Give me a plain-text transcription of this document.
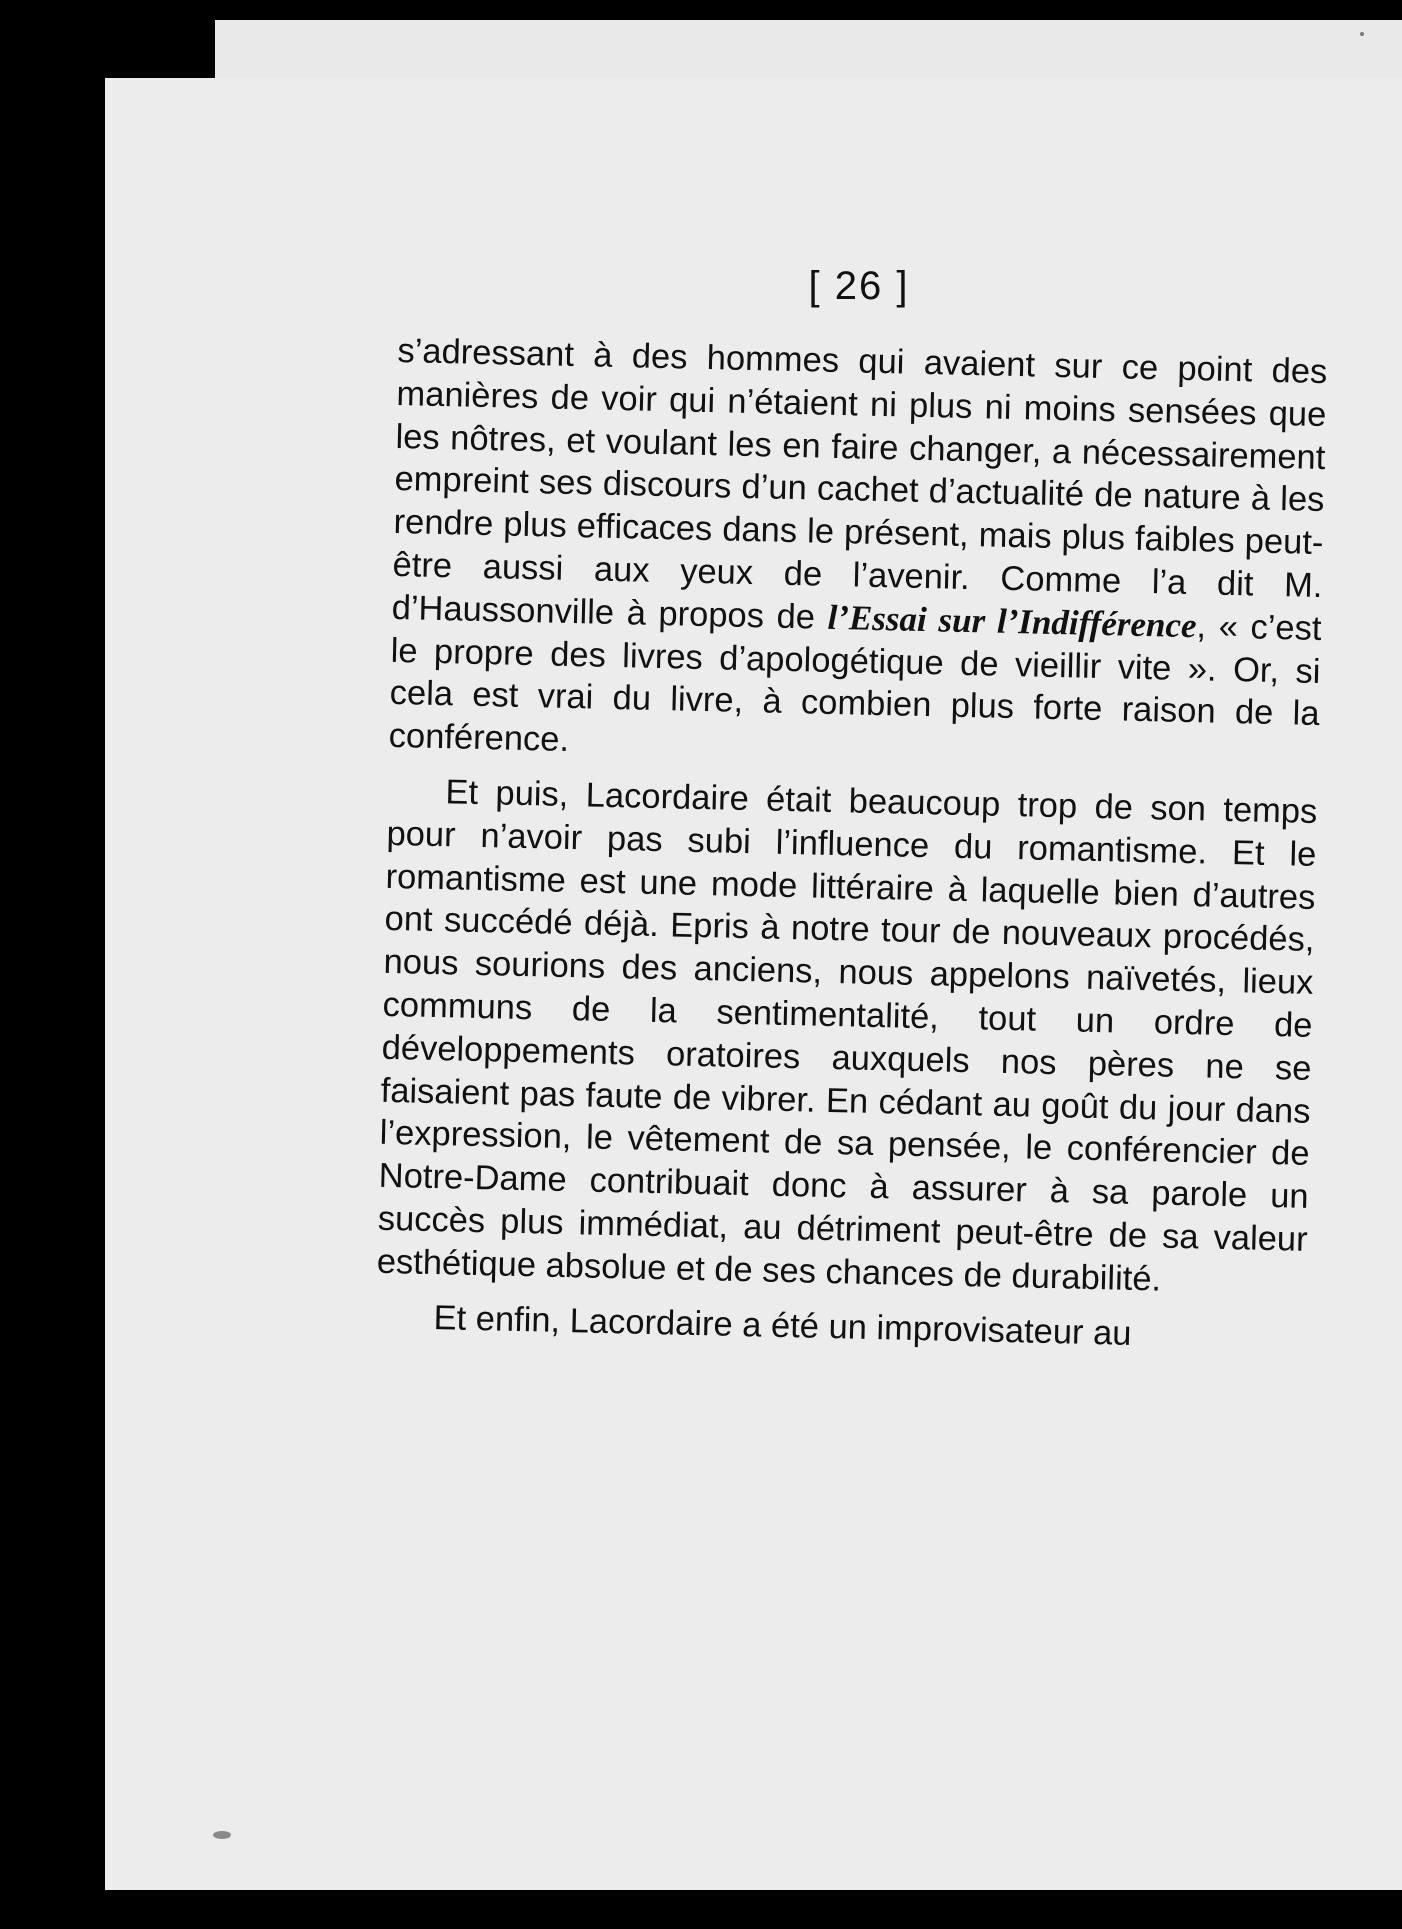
[ 26 ]

s’adressant à des hommes qui avaient sur ce point des manières de voir qui n’étaient ni plus ni moins sensées que les nôtres, et voulant les en faire changer, a nécessairement empreint ses discours d’un cachet d’actualité de nature à les rendre plus efficaces dans le présent, mais plus faibles peut-être aussi aux yeux de l’avenir. Comme l’a dit M. d’Haussonville à propos de l’Essai sur l’Indifférence, « c’est le propre des livres d’apologétique de vieillir vite ». Or, si cela est vrai du livre, à combien plus forte raison de la conférence.

Et puis, Lacordaire était beaucoup trop de son temps pour n’avoir pas subi l’influence du romantisme. Et le romantisme est une mode littéraire à laquelle bien d’autres ont succédé déjà. Epris à notre tour de nouveaux procédés, nous sourions des anciens, nous appelons naïvetés, lieux communs de la sentimentalité, tout un ordre de développements oratoires auxquels nos pères ne se faisaient pas faute de vibrer. En cédant au goût du jour dans l’expression, le vêtement de sa pensée, le conférencier de Notre-Dame contribuait donc à assurer à sa parole un succès plus immédiat, au détriment peut-être de sa valeur esthétique absolue et de ses chances de durabilité.

Et enfin, Lacordaire a été un improvisateur au
